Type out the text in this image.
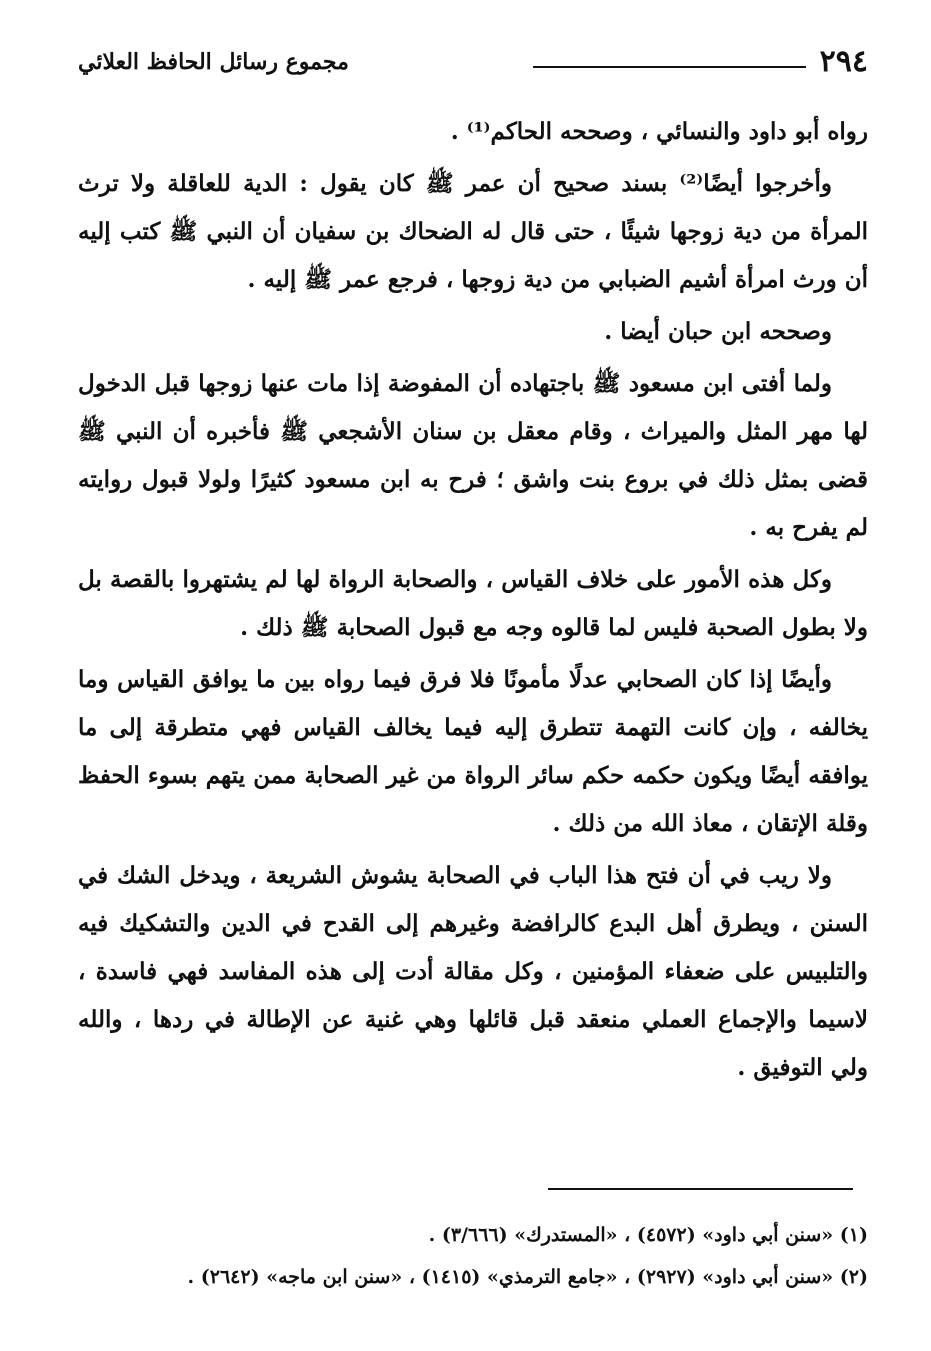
٢٩٤
مجموع رسائل الحافظ العلائي

رواه أبو داود والنسائي ، وصححه الحاكم⁽¹⁾ .

وأخرجوا أيضًا⁽²⁾ بسند صحيح أن عمر ﷺ كان يقول : الدية للعاقلة ولا ترث المرأة من دية زوجها شيئًا ، حتى قال له الضحاك بن سفيان أن النبي ﷺ كتب إليه أن ورث امرأة أشيم الضبابي من دية زوجها ، فرجع عمر ﷺ إليه .

وصححه ابن حبان أيضا .

ولما أفتى ابن مسعود ﷺ باجتهاده أن المفوضة إذا مات عنها زوجها قبل الدخول لها مهر المثل والميراث ، وقام معقل بن سنان الأشجعي ﷺ فأخبره أن النبي ﷺ قضى بمثل ذلك في بروع بنت واشق ؛ فرح به ابن مسعود كثيرًا ولولا قبول روايته لم يفرح به .

وكل هذه الأمور على خلاف القياس ، والصحابة الرواة لها لم يشتهروا بالقصة بل ولا بطول الصحبة فليس لما قالوه وجه مع قبول الصحابة ﷺ ذلك .

وأيضًا إذا كان الصحابي عدلًا مأمونًا فلا فرق فيما رواه بين ما يوافق القياس وما يخالفه ، وإن كانت التهمة تتطرق إليه فيما يخالف القياس فهي متطرقة إلى ما يوافقه أيضًا ويكون حكمه حكم سائر الرواة من غير الصحابة ممن يتهم بسوء الحفظ وقلة الإتقان ، معاذ الله من ذلك .

ولا ريب في أن فتح هذا الباب في الصحابة يشوش الشريعة ، ويدخل الشك في السنن ، ويطرق أهل البدع كالرافضة وغيرهم إلى القدح في الدين والتشكيك فيه والتلبيس على ضعفاء المؤمنين ، وكل مقالة أدت إلى هذه المفاسد فهي فاسدة ، لاسيما والإجماع العملي منعقد قبل قائلها وهي غنية عن الإطالة في ردها ، والله ولي التوفيق .

(١) «سنن أبي داود» (٤٥٧٢) ، «المستدرك» (٣/٦٦٦) .
(٢) «سنن أبي داود» (٢٩٢٧) ، «جامع الترمذي» (١٤١٥) ، «سنن ابن ماجه» (٢٦٤٢) .
